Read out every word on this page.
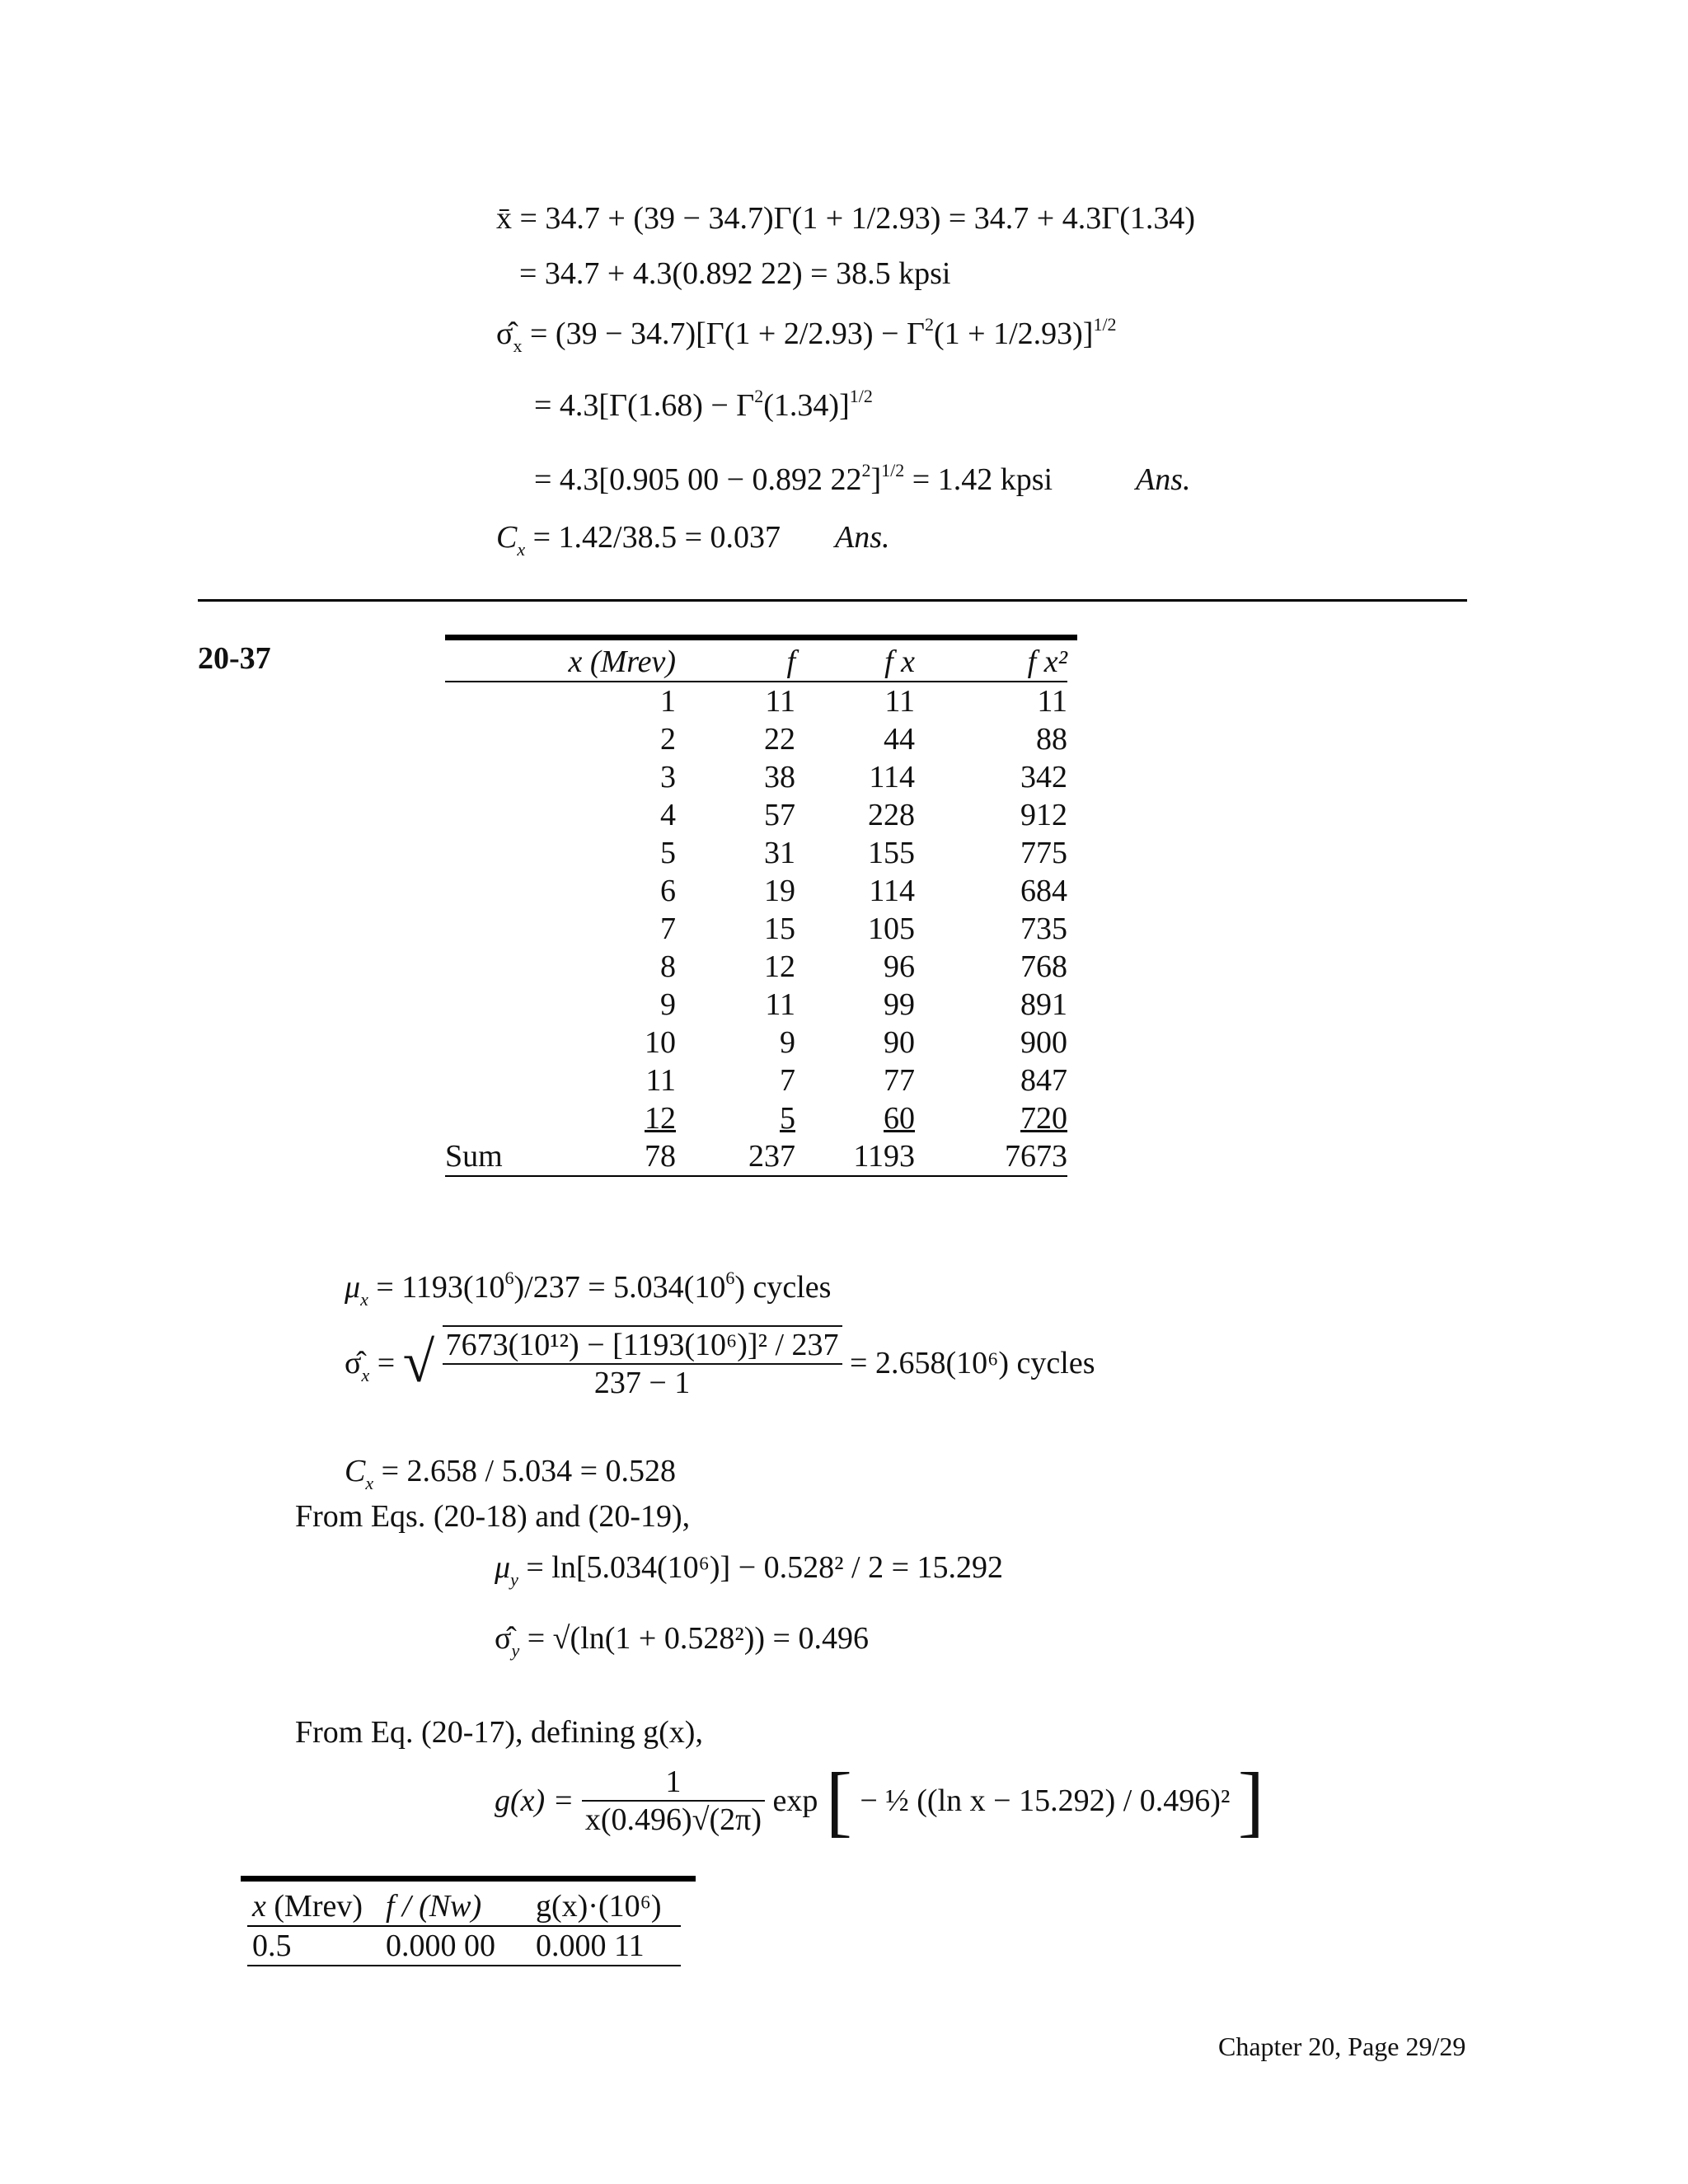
x̄ = 34.7 + (39 − 34.7)Γ(1 + 1/2.93) = 34.7 + 4.3Γ(1.34)
= 34.7 + 4.3(0.892 22) = 38.5 kpsi
$\sigmâ_x = (39 - 34.7)[\Gamma(1 + 2/2.93) - \Gamma^2(1 + 1/2.93)]^{1/2}$
= $4.3[\Gamma(1.68) - \Gamma^2(1.34)]^{1/2}$
= 4.3[0.905 00 − 0.892 $22^2]^{1/2} = 1.42$ kpsi	Ans.
$C_x = 1.42/38.5 = 0.037$ Ans.
20-37
		x (Mrev)	f	f x	f x²
	1	11	11	11
	2	22	44	88
	3	38	114	342
	4	57	228	912
	5	31	155	775
	6	19	114	684
	7	15	105	735
	8	12	96	768
	9	11	99	891
	10	9	90	900
	11	7	77	847
	12	5	60	720
Sum	78	237	1193	7673
$\mu_x = 1193(10^6)/237 = 5.034(10^6)$ cycles
$\sigmâ_x$ = √ $\frac{\text{7673(10¹²) − [1193(10⁶)]² / 237}}{237 - 1} = 2.658(10^6)$ cycles
$C_x = 2.658 / 5.034 = 0.528$
From Eqs. (20-18) and (20-19),
$\mu_y = \ln[5.034(10^6)] - 0.528^2 / 2 = 15.292$
$\sigmâ_y = √(\ln(1 + 0.528^2)) = 0.496$
From Eq. (20-17), defining g(x),
$g(x) = \frac{1}{x(0.496)√(2\pi)}$ exp [ − ½ ((ln x − 15.292) / 0.496)² ]
x (Mrev)	f / (Nw)	g(x)·(10⁶)
0.5	0.000 00	0.000 11
Chapter 20, Page 29/29
